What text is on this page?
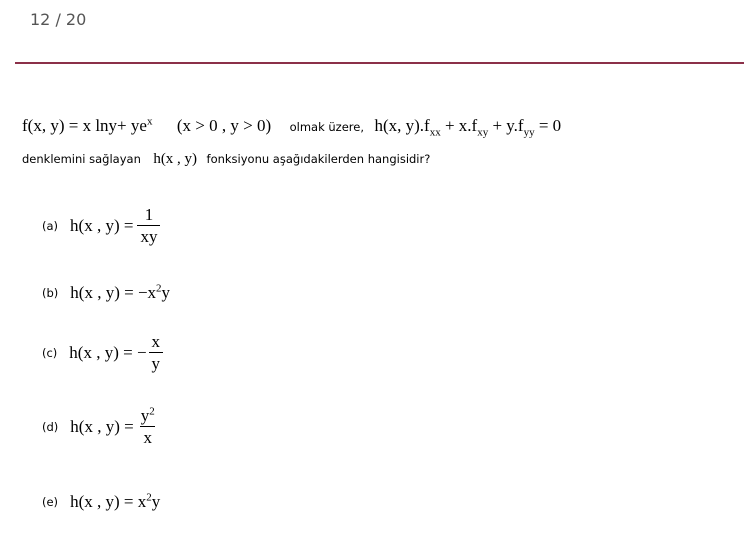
12 / 20
f(x, y) = x $\ln y+ ye^x$ (x > 0 , y > 0) olmak üzere, h(x, $y).f_{xx} + x.f_{xy} + y.f_{yy} = 0$
denklemini sağlayan h(x , y) fonksiyonu aşağıdakilerden hangisidir?
(a) h(x , $y) = \frac{1}{xy}$
(b) h(x , $y) = -x^2y$
(c) h(x , y) = − $\frac{x}{y}$
(d) h(x , $y) = \frac{y^2}{x}$
(e) h(x , $y) = x^2y$
